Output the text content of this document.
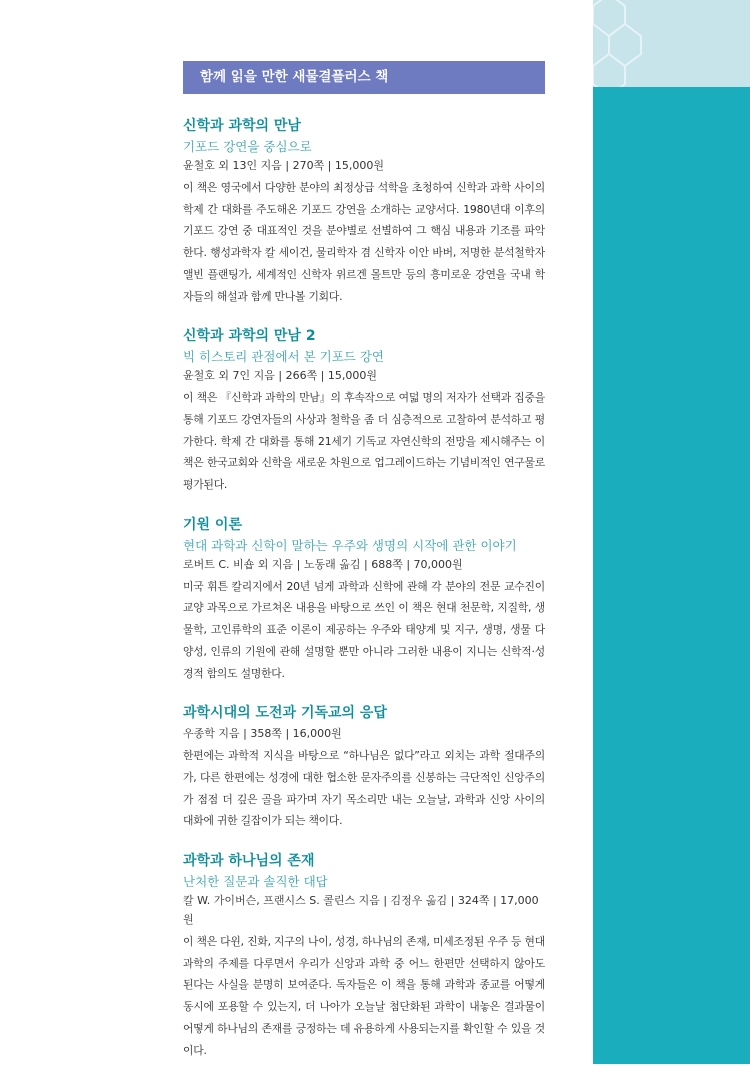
함께 읽을 만한 새물결플러스 책

신학과 과학의 만남

기포드 강연을 중심으로

윤철호 외 13인 지음 | 270쪽 | 15,000원

이 책은 영국에서 다양한 분야의 최정상급 석학을 초청하여 신학과 과학 사이의 학제 간 대화를 주도해온 기포드 강연을 소개하는 교양서다. 1980년대 이후의 기포드 강연 중 대표적인 것을 분야별로 선별하여 그 핵심 내용과 기조를 파악한다. 행성과학자 칼 세이건, 물리학자 겸 신학자 이안 바버, 저명한 분석철학자 앨빈 플랜팅가, 세계적인 신학자 위르겐 몰트만 등의 흥미로운 강연을 국내 학자들의 해설과 함께 만나볼 기회다.

신학과 과학의 만남 2

빅 히스토리 관점에서 본 기포드 강연

윤철호 외 7인 지음 | 266쪽 | 15,000원

이 책은 『신학과 과학의 만남』의 후속작으로 여덟 명의 저자가 선택과 집중을 통해 기포드 강연자들의 사상과 철학을 좀 더 심층적으로 고찰하여 분석하고 평가한다. 학제 간 대화를 통해 21세기 기독교 자연신학의 전망을 제시해주는 이 책은 한국교회와 신학을 새로운 차원으로 업그레이드하는 기념비적인 연구물로 평가된다.

기원 이론

현대 과학과 신학이 말하는 우주와 생명의 시작에 관한 이야기

로버트 C. 비숍 외 지음 | 노동래 옮김 | 688쪽 | 70,000원

미국 휘튼 칼리지에서 20년 넘게 과학과 신학에 관해 각 분야의 전문 교수진이 교양 과목으로 가르쳐온 내용을 바탕으로 쓰인 이 책은 현대 천문학, 지질학, 생물학, 고인류학의 표준 이론이 제공하는 우주와 태양계 및 지구, 생명, 생물 다양성, 인류의 기원에 관해 설명할 뿐만 아니라 그러한 내용이 지니는 신학적·성경적 함의도 설명한다.

과학시대의 도전과 기독교의 응답

우종학 지음 | 358쪽 | 16,000원

한편에는 과학적 지식을 바탕으로 “하나님은 없다”라고 외치는 과학 절대주의가, 다른 한편에는 성경에 대한 협소한 문자주의를 신봉하는 극단적인 신앙주의가 점점 더 깊은 골을 파가며 자기 목소리만 내는 오늘날, 과학과 신앙 사이의 대화에 귀한 길잡이가 되는 책이다.

과학과 하나님의 존재

난처한 질문과 솔직한 대답

칼 W. 가이버슨, 프랜시스 S. 콜린스 지음 | 김정우 옮김 | 324쪽 | 17,000원

이 책은 다윈, 진화, 지구의 나이, 성경, 하나님의 존재, 미세조정된 우주 등 현대 과학의 주제를 다루면서 우리가 신앙과 과학 중 어느 한편만 선택하지 않아도 된다는 사실을 분명히 보여준다. 독자들은 이 책을 통해 과학과 종교를 어떻게 동시에 포용할 수 있는지, 더 나아가 오늘날 첨단화된 과학이 내놓은 결과물이 어떻게 하나님의 존재를 긍정하는 데 유용하게 사용되는지를 확인할 수 있을 것이다.
